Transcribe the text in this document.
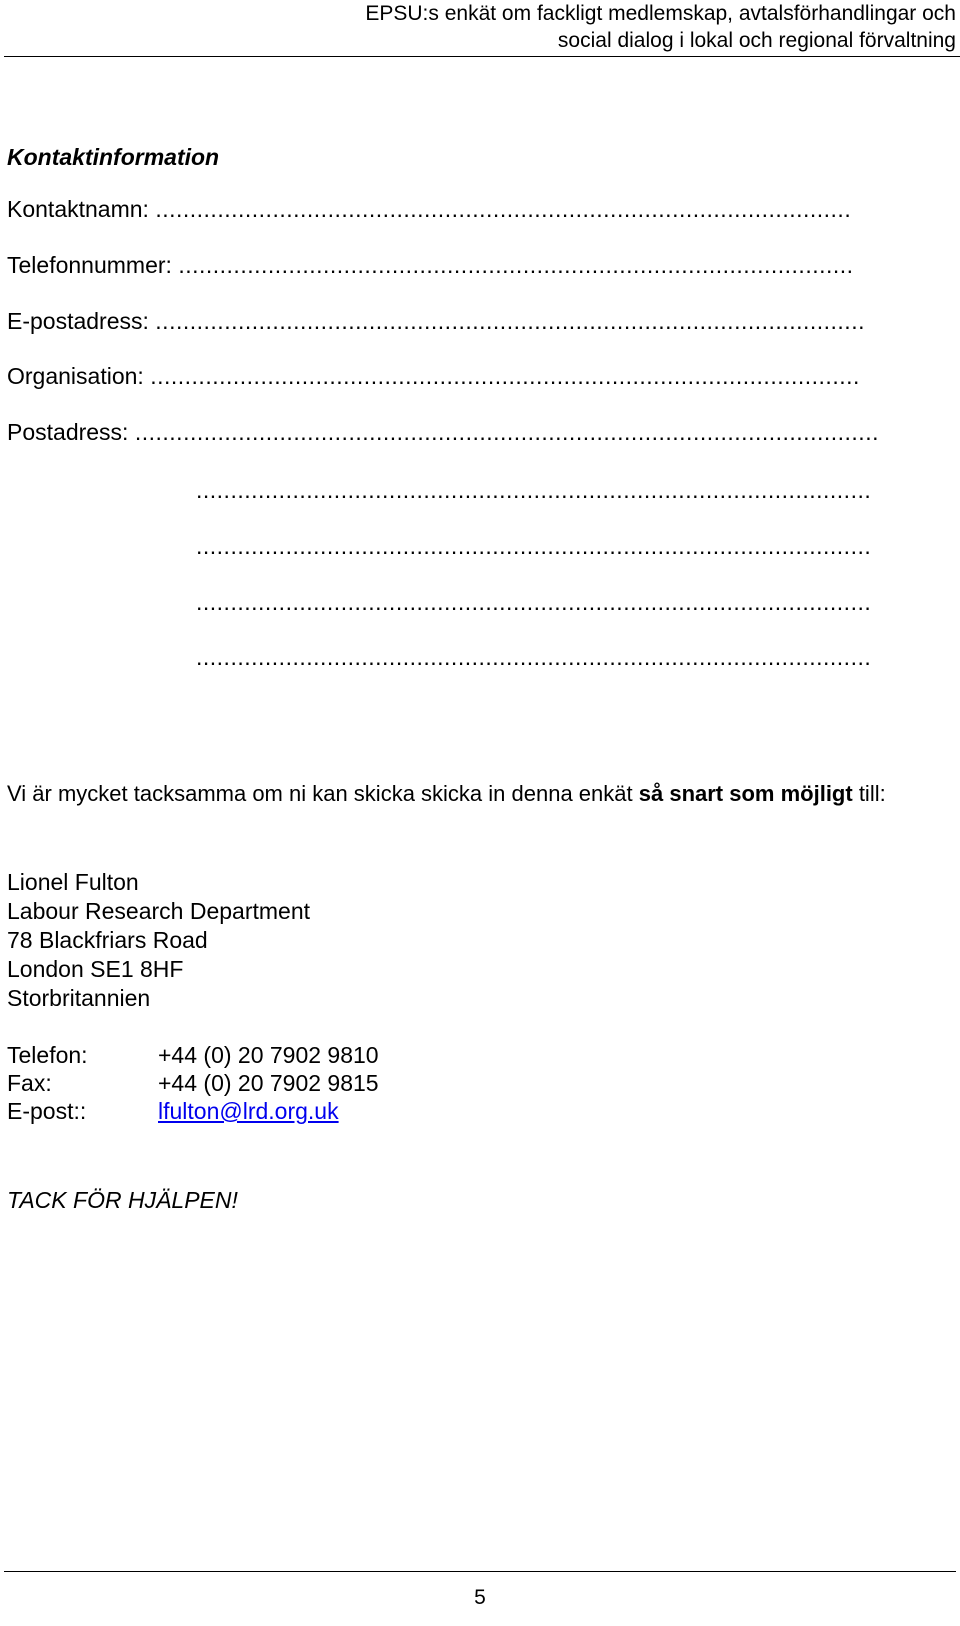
EPSU:s enkät om fackligt medlemskap, avtalsförhandlingar och
social dialog i lokal och regional förvaltning
Kontaktinformation
Kontaktnamn: .....................................................................................................
Telefonnummer: ..................................................................................................
E-postadress: .......................................................................................................
Organisation: .......................................................................................................
Postadress: ............................................................................................................
..................................................................................................
..................................................................................................
..................................................................................................
..................................................................................................
Vi är mycket tacksamma om ni kan skicka skicka in denna enkät så snart som möjligt till:
Lionel Fulton
Labour Research Department
78 Blackfriars Road
London SE1 8HF
Storbritannien
Telefon:	+44 (0) 20 7902 9810
Fax:	+44 (0) 20 7902 9815
E-post::	lfulton@lrd.org.uk
TACK FÖR HJÄLPEN!
5
